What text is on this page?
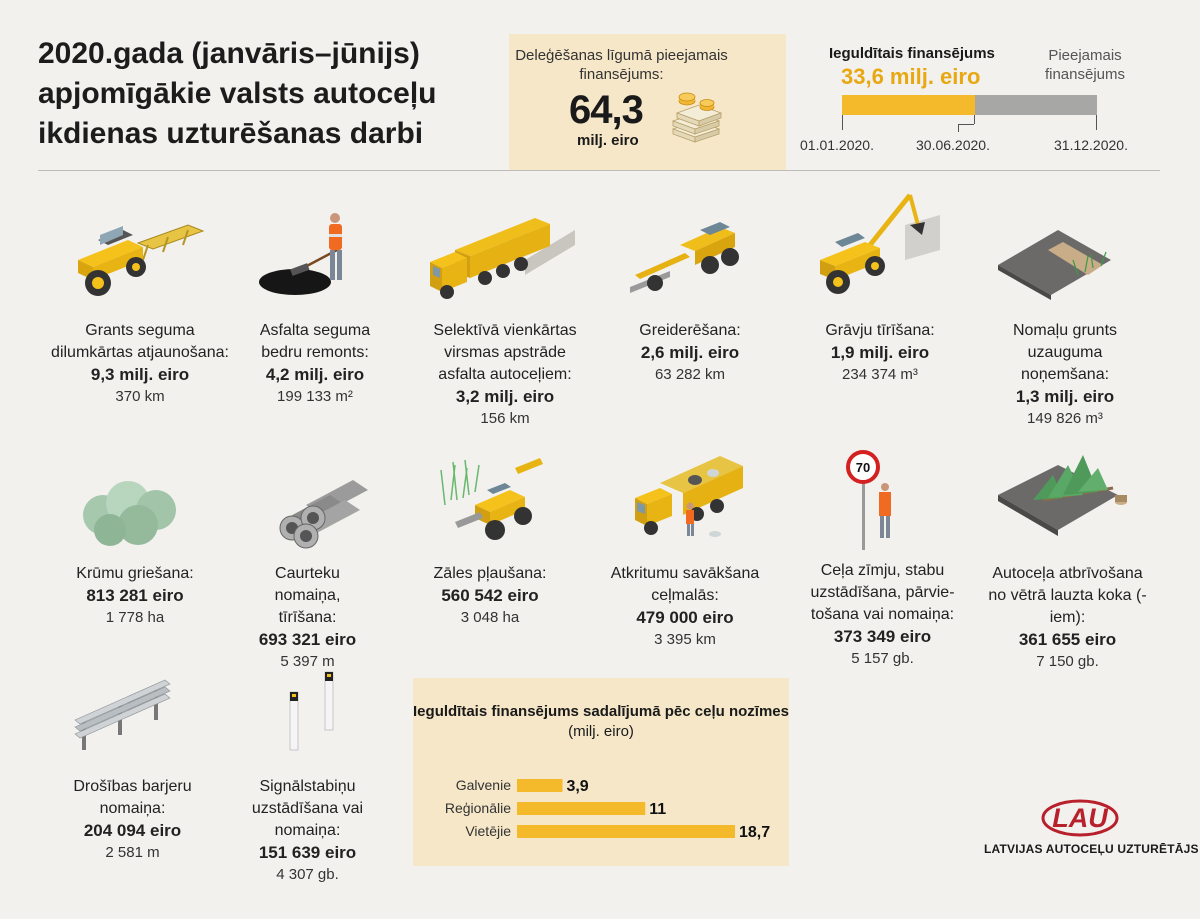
2020.gada (janvāris–jūnijs) apjomīgākie valsts autoceļu ikdienas uzturēšanas darbi
Deleģēšanas līgumā pieejamais finansējums:
64,3
milj. eiro
Ieguldītais finansējums
33,6 milj. eiro
Pieejamais finansējums
01.01.2020.	30.06.2020.	31.12.2020.
Grants seguma dilumkārtas atjaunošana:
9,3 milj. eiro
370 km
Asfalta seguma bedru remonts:
4,2 milj. eiro
199 133 m²
Selektīvā vienkārtas virsmas apstrāde asfalta autoceļiem:
3,2 milj. eiro
156 km
Greiderēšana:
2,6 milj. eiro
63 282 km
Grāvju tīrīšana:
1,9 milj. eiro
234 374 m³
Nomaļu grunts uzauguma noņemšana:
1,3 milj. eiro
149 826 m³
70
Krūmu griešana:
813 281 eiro
1 778 ha
Caurteku nomaiņa, tīrīšana:
693 321 eiro
5 397 m
Zāles pļaušana:
560 542 eiro
3 048 ha
Atkritumu savākšana ceļmalās:
479 000 eiro
3 395 km
Ceļa zīmju, stabu uzstādīšana, pārvie-tošana vai nomaiņa:
373 349 eiro
5 157 gb.
Autoceļa atbrīvošana no vētrā lauzta koka (-iem):
361 655 eiro
7 150 gb.
Drošības barjeru nomaiņa:
204 094 eiro
2 581 m
Signālstabiņu uzstādīšana vai nomaiņa:
151 639 eiro
4 307 gb.
Ieguldītais finansējums sadalījumā pēc ceļu nozīmes (milj. eiro)
Galvenie	3,9
Reģionālie	11
Vietējie	18,7	LAU
LATVIJAS AUTOCEĻU UZTURĒTĀJS
